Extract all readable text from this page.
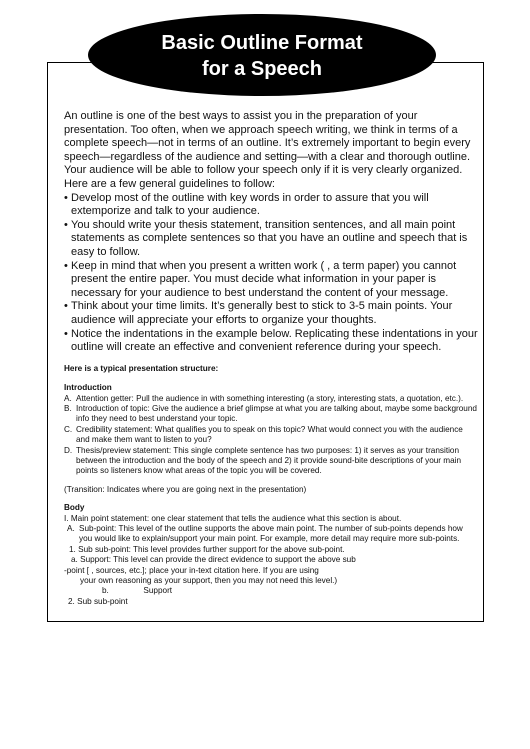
Basic Outline Format
for a Speech

An outline is one of the best ways to assist you in the preparation of your presentation. Too often, when we approach speech writing, we think in terms of a complete speech—not in terms of an outline. It’s extremely important to begin every speech—regardless of the audience and setting—with a clear and thorough outline. Your audience will be able to follow your speech only if it is very clearly organized. Here are a few general guidelines to follow:

• Develop most of the outline with key words in order to assure that you will extemporize and talk to your audience.
• You should write your thesis statement, transition sentences, and all main point statements as complete sentences so that you have an outline and speech that is easy to follow.
• Keep in mind that when you present a written work ( , a term paper) you cannot present the entire paper. You must decide what information in your paper is necessary for your audience to best understand the content of your message.
• Think about your time limits. It’s generally best to stick to 3-5 main points. Your audience will appreciate your efforts to organize your thoughts.
• Notice the indentations in the example below. Replicating these indentations in your outline will create an effective and convenient reference during your speech.

Here is a typical presentation structure:

Introduction

A. Attention getter: Pull the audience in with something interesting (a story, interesting stats, a quotation, etc.).
B. Introduction of topic: Give the audience a brief glimpse at what you are talking about, maybe some background info they need to best understand your topic.
C. Credibility statement: What qualifies you to speak on this topic? What would connect you with the audience and make them want to listen to you?
D. Thesis/preview statement: This single complete sentence has two purposes: 1) it serves as your transition between the introduction and the body of the speech and 2) it provide sound-bite descriptions of your main points so listeners know what areas of the topic you will be covered.

(Transition: Indicates where you are going next in the presentation)

Body

I. Main point statement: one clear statement that tells the audience what this section is about.

A. Sub-point: This level of the outline supports the above main point. The number of sub-points depends how you would like to explain/support your main point. For example, more detail may require more sub-points.

1. Sub sub-point: This level provides further support for the above sub-point.

a. Support: This level can provide the direct evidence to support the above sub

-point [ , sources, etc.]; place your in-text citation here. If you are using

your own reasoning as your support, then you may not need this level.)

b.	Support

2. Sub sub-point
